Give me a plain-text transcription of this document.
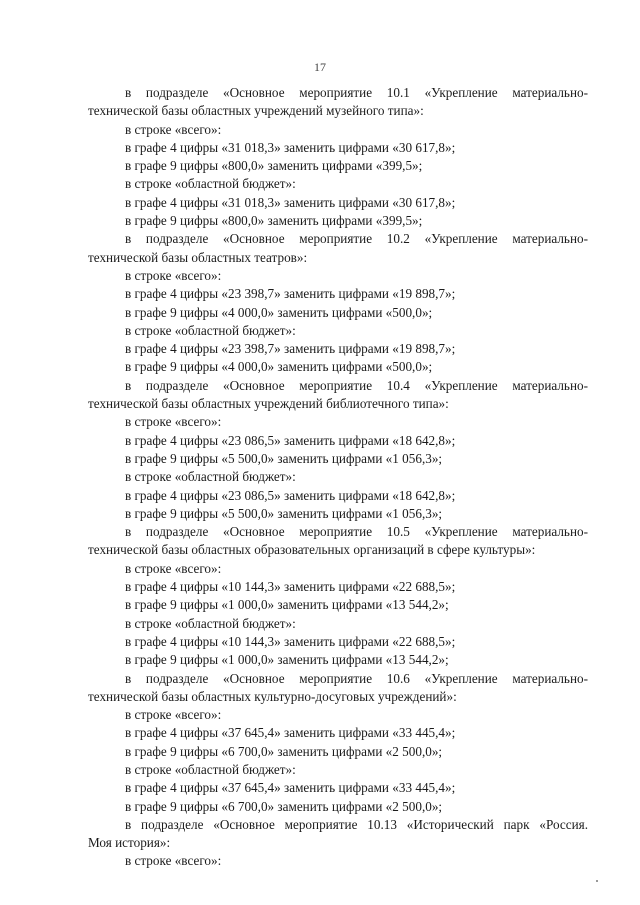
17
в подразделе «Основное мероприятие 10.1 «Укрепление материально-
технической базы областных учреждений музейного типа»:
в строке «всего»:
в графе 4 цифры «31 018,3» заменить цифрами «30 617,8»;
в графе 9 цифры «800,0» заменить цифрами «399,5»;
в строке «областной бюджет»:
в графе 4 цифры «31 018,3» заменить цифрами «30 617,8»;
в графе 9 цифры «800,0» заменить цифрами «399,5»;
в подразделе «Основное мероприятие 10.2 «Укрепление материально-
технической базы областных театров»:
в строке «всего»:
в графе 4 цифры «23 398,7» заменить цифрами «19 898,7»;
в графе 9 цифры «4 000,0» заменить цифрами «500,0»;
в строке «областной бюджет»:
в графе 4 цифры «23 398,7» заменить цифрами «19 898,7»;
в графе 9 цифры «4 000,0» заменить цифрами «500,0»;
в подразделе «Основное мероприятие 10.4 «Укрепление материально-
технической базы областных учреждений библиотечного типа»:
в строке «всего»:
в графе 4 цифры «23 086,5» заменить цифрами «18 642,8»;
в графе 9 цифры «5 500,0» заменить цифрами «1 056,3»;
в строке «областной бюджет»:
в графе 4 цифры «23 086,5» заменить цифрами «18 642,8»;
в графе 9 цифры «5 500,0» заменить цифрами «1 056,3»;
в подразделе «Основное мероприятие 10.5 «Укрепление материально-
технической базы областных образовательных организаций в сфере культуры»:
в строке «всего»:
в графе 4 цифры «10 144,3» заменить цифрами «22 688,5»;
в графе 9 цифры «1 000,0» заменить цифрами «13 544,2»;
в строке «областной бюджет»:
в графе 4 цифры «10 144,3» заменить цифрами «22 688,5»;
в графе 9 цифры «1 000,0» заменить цифрами «13 544,2»;
в подразделе «Основное мероприятие 10.6 «Укрепление материально-
технической базы областных культурно-досуговых учреждений»:
в строке «всего»:
в графе 4 цифры «37 645,4» заменить цифрами «33 445,4»;
в графе 9 цифры «6 700,0» заменить цифрами «2 500,0»;
в строке «областной бюджет»:
в графе 4 цифры «37 645,4» заменить цифрами «33 445,4»;
в графе 9 цифры «6 700,0» заменить цифрами «2 500,0»;
в подразделе «Основное мероприятие 10.13 «Исторический парк «Россия.
Моя история»:
в строке «всего»:
